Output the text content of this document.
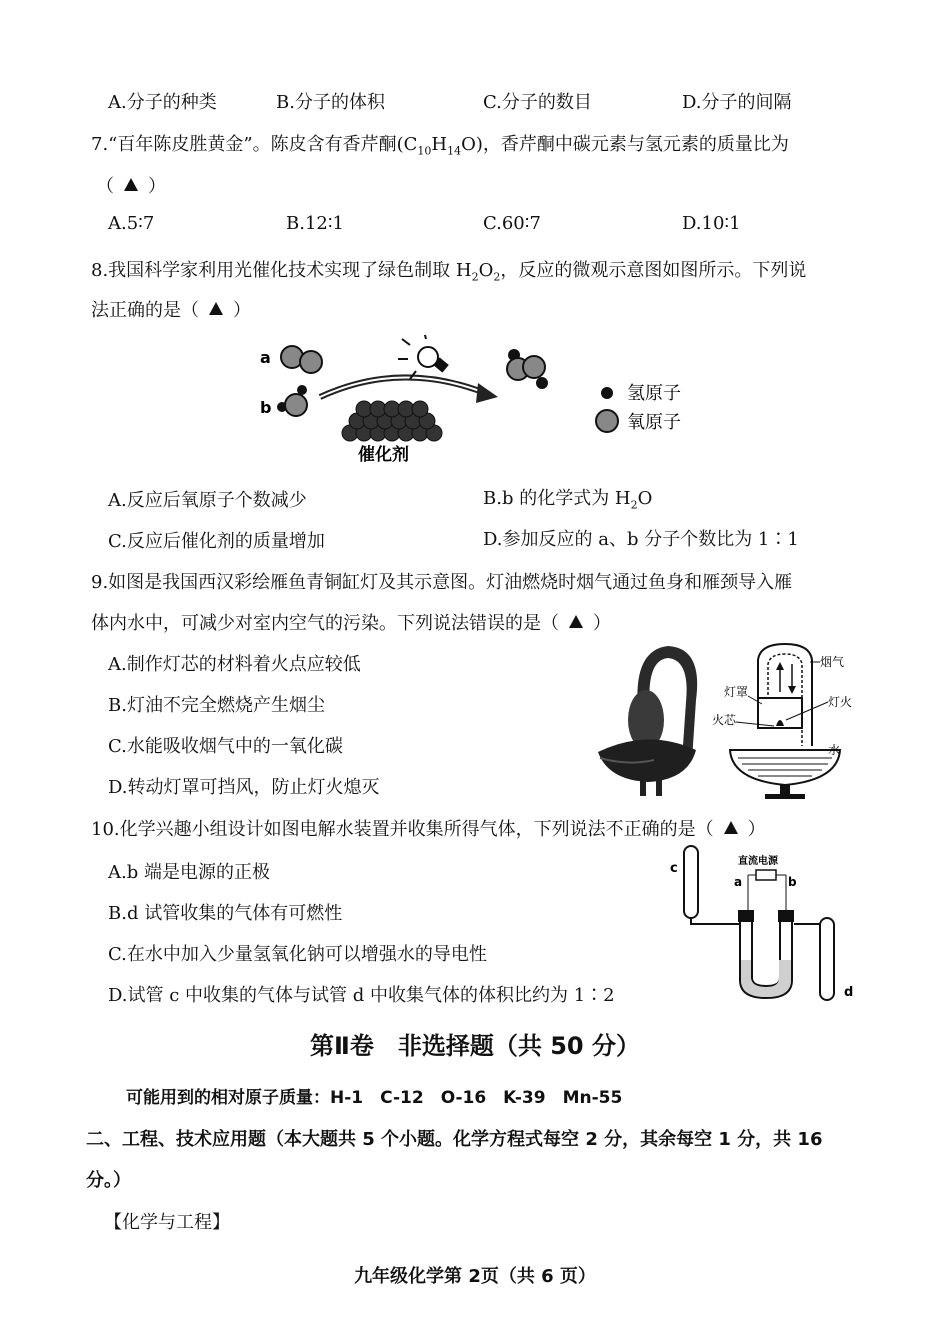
A.分子的种类	B.分子的体积	C.分子的数目	D.分子的间隔
7.“百年陈皮胜黄金”。陈皮含有香芹酮$(C_{10}H_{14}O)$，香芹酮中碳元素与氢元素的质量比为
（ ）
A.5∶7	B.12∶1	C.60∶7	D.10∶1
8.我国科学家利用光催化技术实现了绿色制取 $H_2O_2$，反应的微观示意图如图所示。下列说
法正确的是（ ）
a
b
催化剂
氢原子
氧原子
A.反应后氧原子个数减少	B.b 的化学式为 $H_2O$
C.反应后催化剂的质量增加	D.参加反应的 a、b 分子个数比为 1∶1
9.如图是我国西汉彩绘雁鱼青铜缸灯及其示意图。灯油燃烧时烟气通过鱼身和雁颈导入雁
体内水中，可减少对室内空气的污染。下列说法错误的是（ ）
A.制作灯芯的材料着火点应较低
B.灯油不完全燃烧产生烟尘
C.水能吸收烟气中的一氧化碳
D.转动灯罩可挡风，防止灯火熄灭
烟气
灯罩
灯火
火芯
水
10.化学兴趣小组设计如图电解水装置并收集所得气体，下列说法不正确的是（ ）
A.b 端是电源的正极
B.d 试管收集的气体有可燃性
C.在水中加入少量氢氧化钠可以增强水的导电性
D.试管 c 中收集的气体与试管 d 中收集气体的体积比约为 1∶2
c	直流电源
a	b
d
第Ⅱ卷　非选择题（共 50 分）
可能用到的相对原子质量：H-1　C-12　O-16　K-39　Mn-55
二、工程、技术应用题（本大题共 5 个小题。化学方程式每空 2 分，其余每空 1 分，共 16
分。）
【化学与工程】
九年级化学第 2页（共 6 页）
